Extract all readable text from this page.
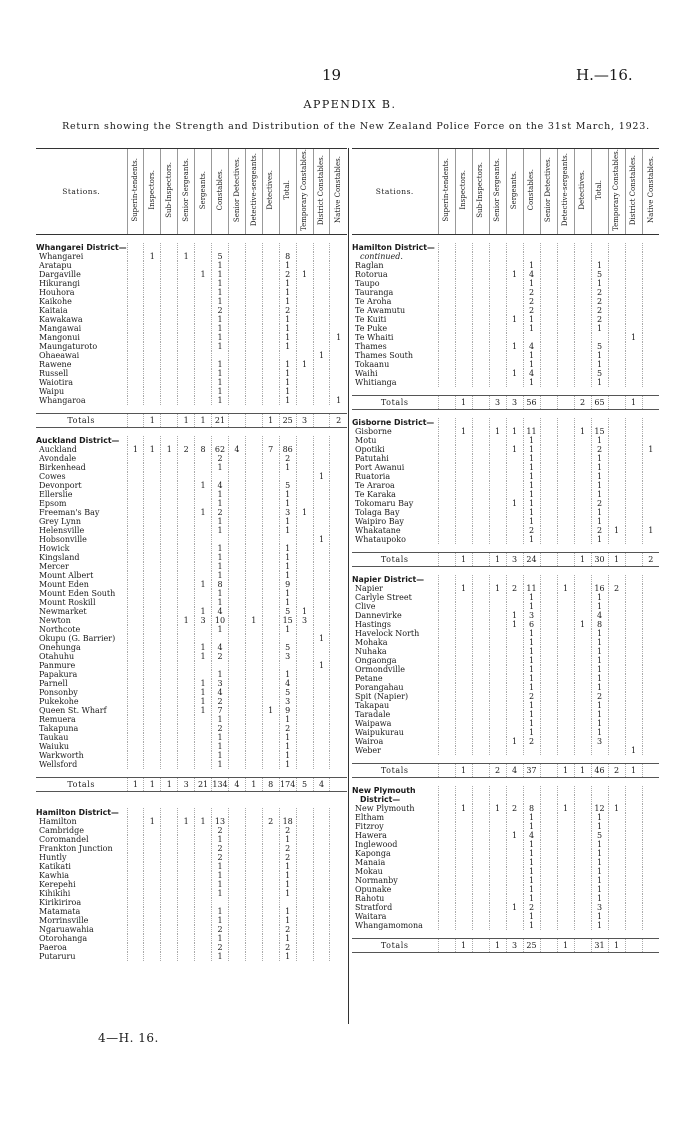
19	H.—16.
APPENDIX B.
Return showing the Strength and Distribution of the New Zealand Police Force on the 31st March, 1923.
Stations.	Superin-tendents.	Inspectors.	Sub-Inspectors.	Senior Sergeants.	Sergeants.	Constables.	Senior Detectives.	Detective-sergeants.	Detectives.	Total.	Temporary Constables.	District Constables.	Native Constables.

Whangarei District—													
Whangarei		1		1		5				8			
Aratapu						1				1			
Dargaville					1	1				2	1		
Hikurangi						1				1			
Houhora						1				1			
Kaikohe						1				1			
Kaitaia						2				2			
Kawakawa						1				1			
Mangawai						1				1			
Mangonui						1				1			1
Maungaturoto						1				1			
Ohaeawai												1	
Rawene						1				1	1		
Russell						1				1			
Waiotira						1				1			
Waipu						1				1			
Whangaroa						1				1			1

Totals		1		1	1	21			1	25	3		2

Auckland District—													
Auckland	1	1	1	2	8	62	4		7	86			
Avondale						2				2			
Birkenhead						1				1			
Cowes												1	
Devonport					1	4				5			
Ellerslie						1				1			
Epsom						1				1			
Freeman's Bay					1	2				3	1		
Grey Lynn						1				1			
Helensville						1				1			
Hobsonville												1	
Howick						1				1			
Kingsland						1				1			
Mercer						1				1			
Mount Albert						1				1			
Mount Eden					1	8				9			
Mount Eden South						1				1			
Mount Roskill						1				1			
Newmarket					1	4				5	1		
Newton				1	3	10		1		15	3		
Northcote						1				1			
Okupu (G. Barrier)												1	
Onehunga					1	4				5			
Otahuhu					1	2				3			
Panmure												1	
Papakura						1				1			
Parnell					1	3				4			
Ponsonby					1	4				5			
Pukekohe					1	2				3			
Queen St. Wharf					1	7			1	9			
Remuera						1				1			
Takapuna						2				2			
Taukau						1				1			
Waiuku						1				1			
Warkworth						1				1			
Wellsford						1				1			

Totals	1	1	1	3	21	134	4	1	8	174	5	4	

Hamilton District—													
Hamilton		1		1	1	13			2	18			
Cambridge						2				2			
Coromandel						1				1			
Frankton Junction						2				2			
Huntly						2				2			
Katikati						1				1			
Kawhia						1				1			
Kerepehi						1				1			
Kihikihi						1				1			
Kirikiriroa													
Matamata						1				1			
Morrinsville						1				1			
Ngaruawahia						2				2			
Otorohanga						1				1			
Paeroa						2				2			
Putaruru						1				1			
Stations.	Superin-tendents.	Inspectors.	Sub-Inspectors.	Senior Sergeants.	Sergeants.	Constables.	Senior Detectives.	Detective-sergeants.	Detectives.	Total.	Temporary Constables.	District Constables.	Native Constables.

Hamilton District—													
continued.													
Raglan						1				1			
Rotorua					1	4				5			
Taupo						1				1			
Tauranga						2				2			
Te Aroha						2				2			
Te Awamutu						2				2			
Te Kuiti					1	1				2			
Te Puke						1				1			
Te Whaiti												1	
Thames					1	4				5			
Thames South						1				1			
Tokaanu						1				1			
Waihi					1	4				5			
Whitianga						1				1			

Totals		1		3	3	56			2	65		1	

Gisborne District—													
Gisborne		1		1	1	11			1	15			
Motu						1				1			
Opotiki					1	1				2			1
Patutahi						1				1			
Port Awanui						1				1			
Ruatoria						1				1			
Te Araroa						1				1			
Te Karaka						1				1			
Tokomaru Bay					1	1				2			
Tolaga Bay						1				1			
Waipiro Bay						1				1			
Whakatane						2				2	1		1
Whataupoko						1				1			

Totals		1		1	3	24			1	30	1		2

Napier District—													
Napier		1		1	2	11		1		16	2		
Carlyle Street						1				1			
Clive						1				1			
Dannevirke					1	3				4			
Hastings					1	6			1	8			
Havelock North						1				1			
Mohaka						1				1			
Nuhaka						1				1			
Ongaonga						1				1			
Ormondville						1				1			
Petane						1				1			
Porangahau						1				1			
Spit (Napier)						2				2			
Takapau						1				1			
Taradale						1				1			
Waipawa						1				1			
Waipukurau						1				1			
Wairoa					1	2				3			
Weber												1	

Totals		1		2	4	37		1	1	46	2	1	

New Plymouth													
District—													
New Plymouth		1		1	2	8		1		12	1		
Eltham						1				1			
Fitzroy						1				1			
Hawera					1	4				5			
Inglewood						1				1			
Kaponga						1				1			
Manaia						1				1			
Mokau						1				1			
Normanby						1				1			
Opunake						1				1			
Rahotu						1				1			
Stratford					1	2				3			
Waitara						1				1			
Whangamomona						1				1			

Totals		1		1	3	25		1		31	1		
4—H. 16.
